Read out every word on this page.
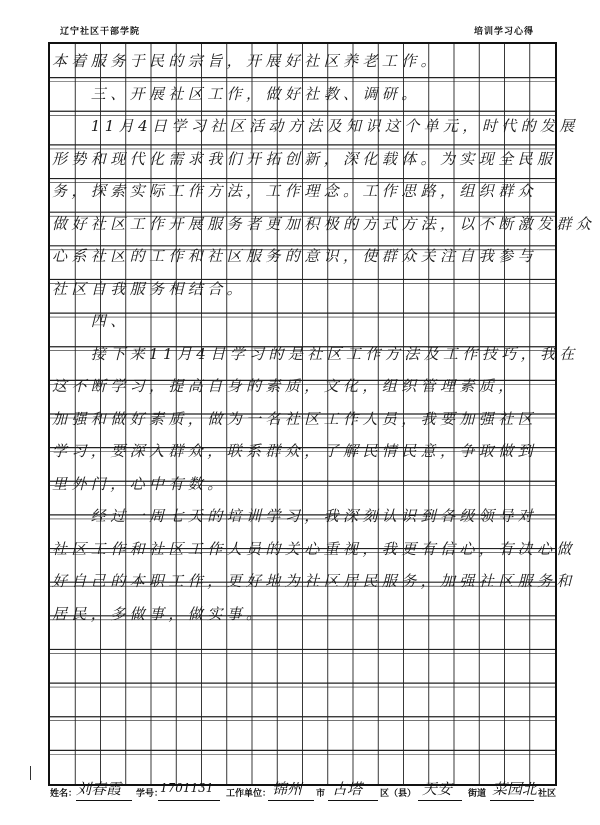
辽宁社区干部学院	培训学习心得
本着服务于民的宗旨，开展好社区养老工作。
　　三、开展社区工作，做好社教、调研。
　　11月4日学习社区活动方法及知识这个单元，时代的发展
形势和现代化需求我们开拓创新，深化载体。为实现全民服
务，探索实际工作方法，工作理念。工作思路，组织群众
做好社区工作开展服务者更加积极的方式方法，以不断激发群众
心系社区的工作和社区服务的意识，使群众关注自我参与
社区自我服务相结合。
　　四、
　　接下来11月4日学习的是社区工作方法及工作技巧，我在
这不断学习，提高自身的素质，文化，组织管理素质，
加强和做好素质，做为一名社区工作人员，我要加强社区
学习，要深入群众，联系群众，了解民情民意，争取做到
里外门，心中有数。
　　经过一周七天的培训学习，我深刻认识到各级领导对
社区工作和社区工作人员的关心重视，我更有信心，有决心做
好自己的本职工作，更好地为社区居民服务，加强社区服务和
居民，多做事，做实事。
姓名：
刘春霞 学号：
1701131 工作单位： 锦州 市 古塔 区（县） 天安 街道 菜园北 社区
